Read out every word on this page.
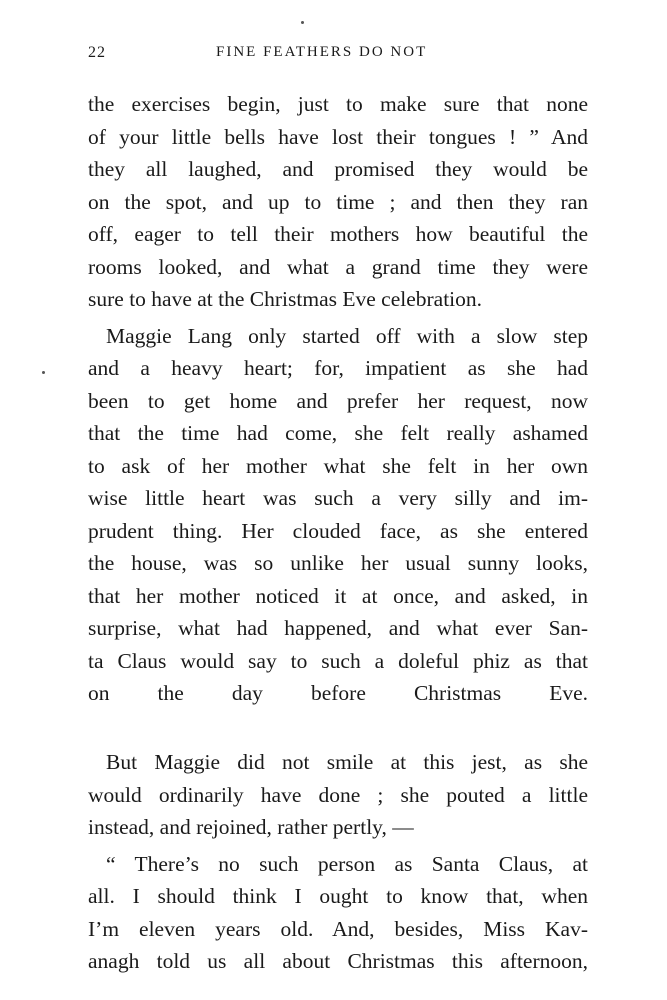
22	FINE FEATHERS DO NOT
the exercises begin, just to make sure that none
of your little bells have lost their tongues ! ” And
they all laughed, and promised they would be
on the spot, and up to time ; and then they ran
off, eager to tell their mothers how beautiful the
rooms looked, and what a grand time they were
sure to have at the Christmas Eve celebration.
Maggie Lang only started off with a slow step
and a heavy heart; for, impatient as she had
been to get home and prefer her request, now
that the time had come, she felt really ashamed
to ask of her mother what she felt in her own
wise little heart was such a very silly and im-
prudent thing. Her clouded face, as she entered
the house, was so unlike her usual sunny looks,
that her mother noticed it at once, and asked, in
surprise, what had happened, and what ever San-
ta Claus would say to such a doleful phiz as that
on the day before Christmas Eve.
But Maggie did not smile at this jest, as she
would ordinarily have done ; she pouted a little
instead, and rejoined, rather pertly, —
“ There’s no such person as Santa Claus, at
all. I should think I ought to know that, when
I’m eleven years old. And, besides, Miss Kav-
anagh told us all about Christmas this afternoon,
